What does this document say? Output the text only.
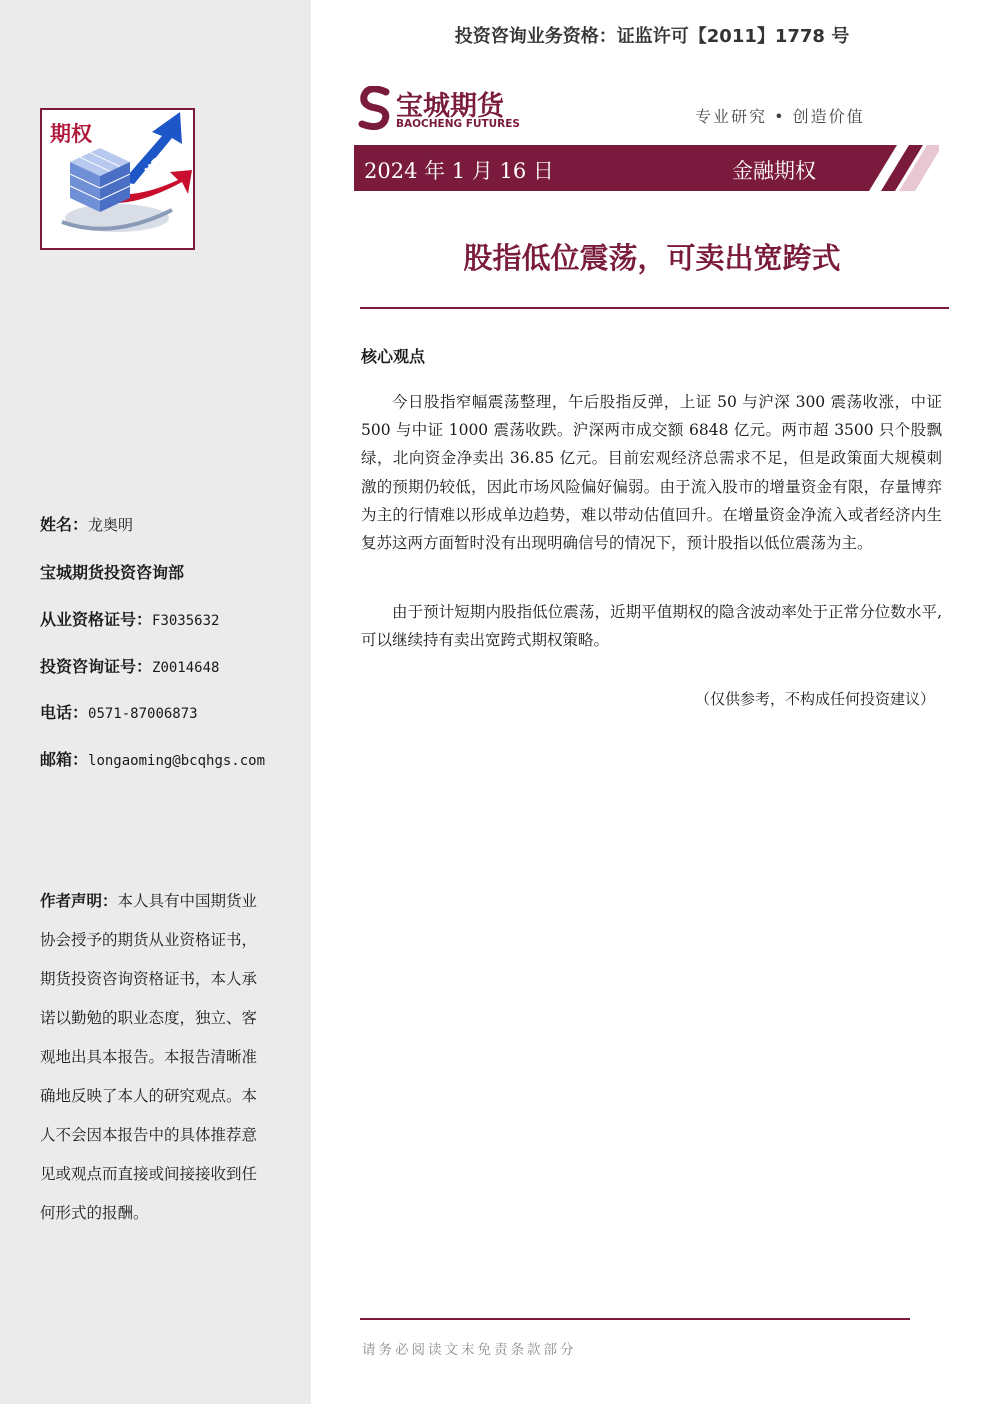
UP
期权
姓名：龙奥明
宝城期货投资咨询部
从业资格证号：F3035632
投资咨询证号：Z0014648
电话：0571-87006873
邮箱：longaoming@bcqhgs.com
作者声明：本人具有中国期货业协会授予的期货从业资格证书，期货投资咨询资格证书，本人承诺以勤勉的职业态度，独立、客观地出具本报告。本报告清晰准确地反映了本人的研究观点。本人不会因本报告中的具体推荐意见或观点而直接或间接接收到任何形式的报酬。
投资咨询业务资格：证监许可【2011】1778 号
宝城期货
BAOCHENG FUTURES	专业研究 • 创造价值
2024 年 1 月 16 日	金融期权
股指低位震荡，可卖出宽跨式
核心观点

今日股指窄幅震荡整理，午后股指反弹，上证 50 与沪深 300 震荡收涨，中证 500 与中证 1000 震荡收跌。沪深两市成交额 6848 亿元。两市超 3500 只个股飘绿，北向资金净卖出 36.85 亿元。目前宏观经济总需求不足，但是政策面大规模刺激的预期仍较低，因此市场风险偏好偏弱。由于流入股市的增量资金有限，存量博弈为主的行情难以形成单边趋势，难以带动估值回升。在增量资金净流入或者经济内生复苏这两方面暂时没有出现明确信号的情况下，预计股指以低位震荡为主。

由于预计短期内股指低位震荡，近期平值期权的隐含波动率处于正常分位数水平,可以继续持有卖出宽跨式期权策略。

（仅供参考，不构成任何投资建议）
请务必阅读文末免责条款部分
